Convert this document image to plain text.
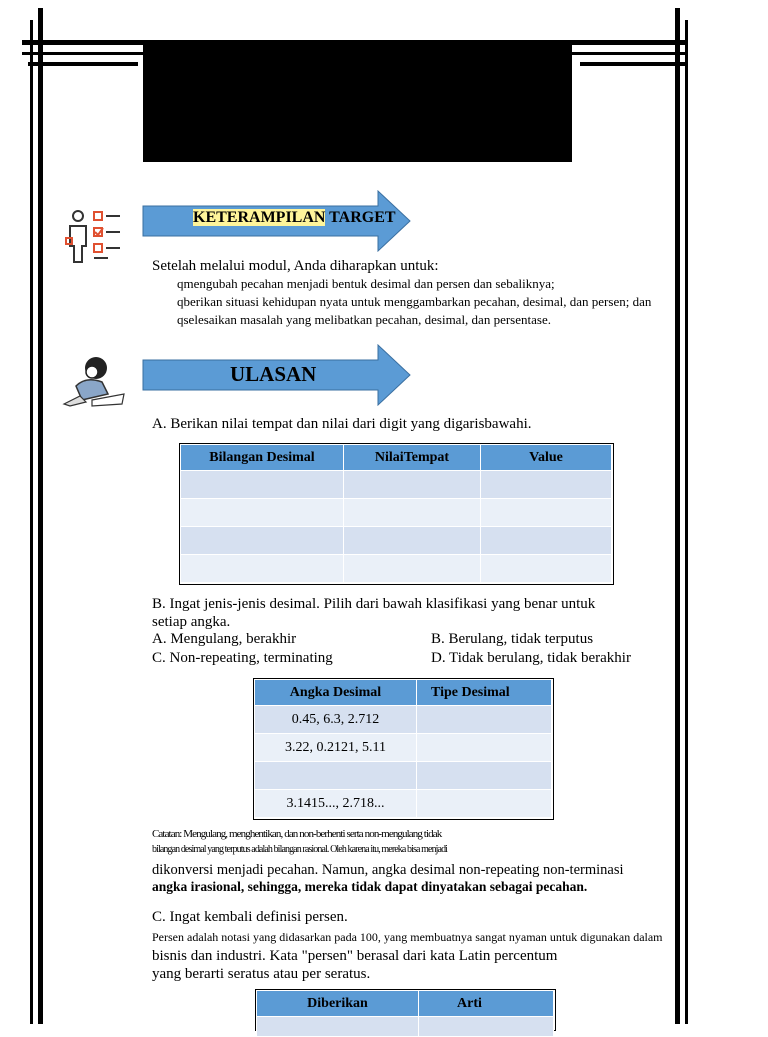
KETERAMPILAN TARGET
Setelah melalui modul, Anda diharapkan untuk:
qmengubah pecahan menjadi bentuk desimal dan persen dan sebaliknya;
qberikan situasi kehidupan nyata untuk menggambarkan pecahan, desimal, dan persen; dan
qselesaikan masalah yang melibatkan pecahan, desimal, dan persentase.
ULASAN
A. Berikan nilai tempat dan nilai dari digit yang digarisbawahi.
Bilangan Desimal	NilaiTempat	Value

B. Ingat jenis-jenis desimal. Pilih dari bawah klasifikasi yang benar untuk
setiap angka.
A. Mengulang, berakhir	B. Berulang, tidak terputus
C. Non-repeating, terminating	D. Tidak berulang, tidak berakhir
Angka Desimal	Tipe Desimal
0.45, 6.3, 2.712	
3.22, 0.2121, 5.11	

3.1415..., 2.718...	
Catatan: Mengulang, menghentikan, dan non-berhenti serta non-mengulang tidak
bilangan desimal yang terputus adalah bilangan rasional. Oleh karena itu, mereka bisa menjadi
dikonversi menjadi pecahan. Namun, angka desimal non-repeating non-terminasi
angka irasional, sehingga, mereka tidak dapat dinyatakan sebagai pecahan.
C. Ingat kembali definisi persen.
Persen adalah notasi yang didasarkan pada 100, yang membuatnya sangat nyaman untuk digunakan dalam
bisnis dan industri. Kata "persen" berasal dari kata Latin percentum
yang berarti seratus atau per seratus.
Diberikan	Arti
